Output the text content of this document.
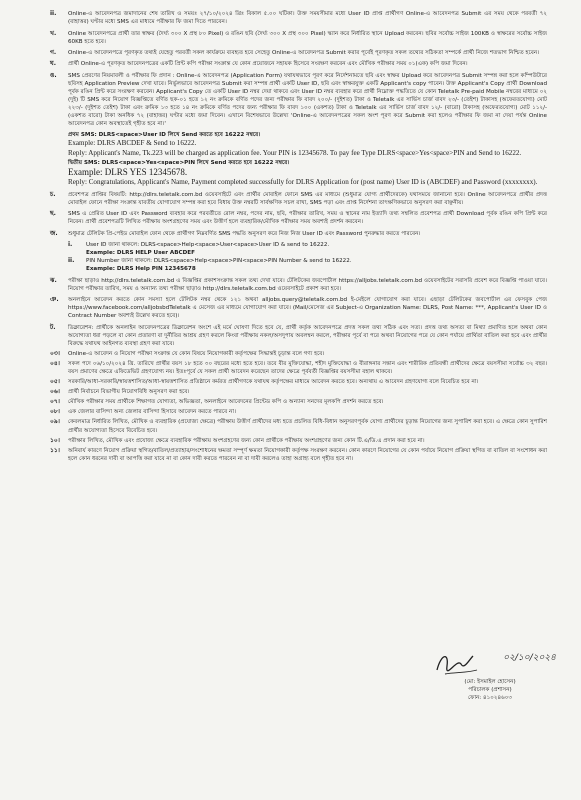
ii.	Online-এ আবেদনপত্র জমাদানের শেষ তারিখ ও সময়ঃ ২৭/১০/২০২৪ খ্রিঃ বিকাল ৫.০০ ঘটিকা। উক্ত সময়সীমার মধ্যে User ID প্রাপ্ত প্রার্থীগণ Online-এ আবেদনপত্র Submit এর সময় থেকে পরবর্তী ৭২ (বাহাত্তর) ঘণ্টার মধ্যে SMS এর মাধ্যমে পরীক্ষার ফি জমা দিতে পারবেন।
খ.	Online আবেদনপত্রে প্রার্থী তার স্বাক্ষর (দৈর্ঘ্য ৩০০ X প্রস্থ ৮০ Pixel) ও রঙিন ছবি (দৈর্ঘ্য ৩০০ X প্রস্থ ৩০০ Pixel) স্ক্যান করে নির্ধারিত স্থানে Upload করবেন। ছবির সর্বোচ্চ সাইজ 100KB ও স্বাক্ষরের সর্বোচ্চ সাইজ 60KB হতে হবে।
গ.	Online-এ আবেদনপত্রে পূরণকৃত তথ্যই যেহেতু পরবর্তী সকল কার্যক্রমে ব্যবহৃত হবে সেহেতু Online-এ আবেদনপত্র Submit করার পূর্বেই পূরণকৃত সকল তথ্যের সঠিকতা সম্পর্কে প্রার্থী নিজে শতভাগ নিশ্চিত হবেন।
ঘ.	প্রার্থী Online-এ পূরণকৃত আবেদনপত্রের একটি প্রিন্ট কপি পরীক্ষা সংক্রান্ত যে কোন প্রয়োজনে সহায়ক হিসেবে সংরক্ষণ করবেন এবং মৌখিক পরীক্ষার সময় ০১(এক) কপি জমা দিবেন।
ঙ.	SMS প্রেরণের নিয়মাবলী ও পরীক্ষার ফি প্রদান : Online-এ আবেদনপত্র (Application Form) যথাযথভাবে পূরণ করে নির্দেশনামতে ছবি এবং স্বাক্ষর Upload করে আবেদনপত্র Submit সম্পন্ন করা হলে কম্পিউটারে ছবিসহ Application Preview দেখা যাবে। নির্ভুলভাবে আবেদনপত্র Submit করা সম্পন্ন প্রার্থী একটি User ID, ছবি এবং স্বাক্ষরযুক্ত একটি Applicant's copy পাবেন। উক্ত Applicant's Copy প্রার্থী Download পূর্বক রঙিন প্রিন্ট করে সংরক্ষণ করবেন। Applicant's Copy তে একটি User ID নম্বর দেয়া থাকবে এবং User ID নম্বর ব্যবহার করে প্রার্থী নিম্নোক্ত পদ্ধতিতে যে কোন Teletalk Pre-paid Mobile নম্বরের মাধ্যমে ০২ (দুই) টি SMS করে নিয়োগ বিজ্ঞপ্তিতে বর্ণিত ছক-০১ হতে ১২ নং ক্রমিকে বর্ণিত পদের জন্য পরীক্ষার ফি বাবদ ২০০/- (দুইশত) টাকা ও Teletalk এর সার্ভিস চার্জ বাবদ ২৩/- (তেইশ) টাকাসহ (অফেরতযোগ্য) মোট ২২৩/- (দুইশত তেইশ) টাকা এবং ক্রমিক ১৩ হতে ১৪ নং ক্রমিকে বর্ণিত পদের জন্য পরীক্ষার ফি বাবদ ১০০ (একশত) টাকা ও Teletalk এর সার্ভিস চার্জ বাবদ ১২/- (বারো) টাকাসহ (অফেরতযোগ্য) মোট ১১২/- (একশত বারো) টাকা অনধিক ৭২ (বাহাত্তর) ঘণ্টার মধ্যে জমা দিবেন। এখানে বিশেষভাবে উল্লেখ্য 'Online-এ আবেদনপত্রের সকল অংশ পূরণ করে Submit করা হলেও পরীক্ষার ফি জমা না দেয়া পর্যন্ত Online আবেদনপত্র কোন অবস্থাতেই গৃহীত হবে না।'
প্রথম SMS: DLRS<space>User ID লিখে Send করতে হবে 16222 নম্বরে।
Example: DLRS ABCDEF & Send to 16222.
Reply: Applicant's Name, Tk.223 will be charged as application fee. Your PIN is 12345678. To pay fee Type DLRS<space>Yes<space>PIN and Send to 16222.
দ্বিতীয় SMS: DLRS<space>Yes<space>PIN লিখে Send করতে হবে 16222 নম্বরে।
Example: DLRS YES 12345678.
Reply: Congratulations, Applicant's Name, Payment completed successfully for DLRS Application for (post name) User ID is (ABCDEF) and Password (xxxxxxxx).
চ.	প্রবেশপত্র প্রাপ্তির বিষয়টি: http://dlrs.teletalk.com.bd ওয়েবসাইটে এবং প্রার্থীর মোবাইল ফোনে SMS এর মাধ্যমে (শুধুমাত্র যোগ্য প্রার্থীদেরকে) যথাসময়ে জানানো হবে। Online আবেদনপত্রে প্রার্থীর প্রদত্ত মোবাইল ফোনে পরীক্ষা সংক্রান্ত যাবতীয় যোগাযোগ সম্পন্ন করা হবে বিধায় উক্ত নম্বরটি সার্বক্ষণিক সচল রাখা, SMS পড়া এবং প্রাপ্ত নির্দেশনা তাৎক্ষণিকভাবে অনুসরণ করা বাঞ্ছনীয়।
ছ.	SMS এ প্রেরিত User ID এবং Password ব্যবহার করে পরবর্তীতে রোল নম্বর, পদের নাম, ছবি, পরীক্ষার তারিখ, সময় ও স্থানের নাম ইত্যাদি তথ্য সম্বলিত প্রবেশপত্র প্রার্থী Download পূর্বক রঙিন কপি প্রিন্ট করে নিবেন। প্রার্থী প্রবেশপত্রটি লিখিত পরীক্ষায় অংশগ্রহণের সময় এবং উত্তীর্ণ হলে ব্যবহারিক/মৌখিক পরীক্ষার সময় অবশ্যই প্রদর্শন করবেন।
জ.	শুধুমাত্র টেলিটক প্রি-পেইড মোবাইল ফোন থেকে প্রার্থীগণ নিম্নবর্ণিত SMS পদ্ধতি অনুসরণ করে নিজ নিজ User ID এবং Password পুনরুদ্ধার করতে পারবেন।
i.	User ID জানা থাকলে: DLRS<space>Help<space>User<space>User ID & send to 16222.
Example: DLRS HELP User ABCDEF
ii.	PIN Number জানা থাকলে: DLRS<space>Help<space>PIN<space>PIN Number & send to 16222.
Example: DLRS Help PIN 12345678
ঝ.	পরীক্ষা ছাড়াও http://dlrs.teletalk.com.bd এ বিজ্ঞপ্তির প্রকাশসংক্রান্ত সকল তথ্য দেখা যাবে। টেলিটকের জবপোর্টাল https://alljobs.teletalk.com.bd ওয়েবসাইটের সরাসরি প্রবেশ করে বিজ্ঞপ্তি পাওয়া যাবে। নিয়োগ পরীক্ষার তারিখ, সময় ও অন্যান্য তথ্য পরীক্ষা ছাড়াও http://dlrs.teletalk.com.bd ওয়েবসাইটে প্রকাশ করা হবে।
ঞ.	অনলাইনে আবেদন করতে কোন সমস্যা হলে টেলিটক নম্বর থেকে ১২১ অথবা alljobs.query@teletalk.com.bd ই-মেইলে যোগাযোগ করা যাবে। এছাড়া টেলিটকের জবপোর্টাল এর ফেসবুক পেজ https://www.facebook.com/alljobsbdTeletalk এ মেসেজ এর মাধ্যমে যোগাযোগ করা যাবে। (Mail/মেসেজ এর Subject-এ Organization Name: DLRS, Post Name: ***, Applicant's User ID ও Contract Number অবশ্যই উল্লেখ করতে হবে)।
ট.	ডিক্লারেশন: প্রার্থীকে অনলাইন আবেদনপত্রের ডিক্লারেশন অংশে এই মর্মে ঘোষণা দিতে হবে যে, প্রার্থী কর্তৃক আবেদনপত্রে প্রদত্ত সকল তথ্য সঠিক এবং সত্য। প্রদত্ত তথ্য অসত্য বা মিথ্যা প্রমাণিত হলে অথবা কোন অযোগ্যতা ধরা পড়লে বা কোন প্রতারণা বা দুর্নীতির আশ্রয় গ্রহণ করলে কিংবা পরীক্ষায় নকল/অসদুপায় অবলম্বন করলে, পরীক্ষার পূর্বে বা পরে অথবা নিয়োগের পরে যে কোন পর্যায়ে প্রার্থিতা বাতিল করা হবে এবং প্রার্থীর বিরুদ্ধে যথাযথ আইনগত ব্যবস্থা গ্রহণ করা যাবে।
০৩।	Online-এ আবেদন ও নিয়োগ পরীক্ষা সংক্রান্ত যে কোন বিষয়ে নিয়োগকারী কর্তৃপক্ষের সিদ্ধান্তই চূড়ান্ত বলে গণ্য হবে।
০৪।	সকল পদে ০৬/১০/২০২৪ খ্রি. তারিখে প্রার্থীর বয়স ১৮ হতে ৩০ বছরের মধ্যে হতে হবে। তবে বীর মুক্তিযোদ্ধা, শহীদ মুক্তিযোদ্ধা ও বীরাঙ্গনার সন্তান এবং শারীরিক প্রতিবন্ধী প্রার্থীদের ক্ষেত্রে বয়সসীমা সর্বোচ্চ ৩২ বছর। বয়স প্রমাণের ক্ষেত্রে এফিডেভিট গ্রহণযোগ্য নয়। ইতঃপূর্বে যে সকল প্রার্থী আবেদন করেছেন তাদের ক্ষেত্রে পূর্ববর্তী বিজ্ঞপ্তির বয়সসীমা বহাল থাকবে।
০৫।	সরকারি/আধা-সরকারি/স্বায়ত্তশাসিত/আধা-স্বায়ত্তশাসিত প্রতিষ্ঠানে কর্মরত প্রার্থীগণকে যথাযথ কর্তৃপক্ষের মাধ্যমে আবেদন করতে হবে। অন্যথায় এ আবেদন গ্রহণযোগ্য বলে বিবেচিত হবে না।
০৬।	প্রার্থী নির্বাচনে বিভাগীয় নিয়োগবিধি অনুসরণ করা হবে।
০৭।	মৌখিক পরীক্ষার সময় প্রার্থীকে শিক্ষাগত যোগ্যতা, অভিজ্ঞতা, অনলাইনে আবেদনের প্রিন্টেড কপি ও অন্যান্য সনদের মূলকপি প্রদর্শন করতে হবে।
০৮।	এক জেলার বাসিন্দা অন্য জেলার বাসিন্দা হিসাবে আবেদন করতে পারবে না।
০৯।	কেবলমাত্র নির্ধারিত লিখিত, মৌখিক ও ব্যবহারিক (প্রযোজ্য ক্ষেত্রে) পরীক্ষায় উত্তীর্ণ প্রার্থীদের মধ্য হতে প্রচলিত বিধি-বিধান অনুসরণপূর্বক যোগ্য প্রার্থীদের চূড়ান্ত নিয়োগের জন্য সুপারিশ করা হবে। এ ক্ষেত্রে কোন সুপারিশ প্রার্থীর অযোগ্যতা হিসেবে বিবেচিত হবে।
১০।	পরীক্ষার লিখিত, মৌখিক এবং প্রযোজ্য ক্ষেত্রে ব্যবহারিক পরীক্ষায় অংশগ্রহণের জন্য কোন প্রার্থীকে পরীক্ষায় অংশগ্রহণের জন্য কোন টি.এ/ডি.এ প্রদান করা হবে না।
১১।	অনিবার্য কারণে নিয়োগ প্রক্রিয়া স্থগিত/বাতিল/প্রত্যাহার/সংশোধনের ক্ষমতা সম্পূর্ণ ক্ষমতা নিয়োগকারী কর্তৃপক্ষ সংরক্ষণ করবেন। কোন কারণে নিয়োগের যে কোন পর্যায়ে নিয়োগ প্রক্রিয়া স্থগিত বা বাতিল বা সংশোধন করা হলে কোন ধরনের দাবী বা আপত্তি করা যাবে না বা কোন দাবী করতে পারবেন না বা দাবী করলেও তাহা অগ্রাহ্য বলে গৃহীত হবে না।
০২/১০/২০২৪
(মো: ইসমাইল হোসেন)
পরিচালক (প্রশাসন)
ফোন: ৪১০২৪৬০৩
